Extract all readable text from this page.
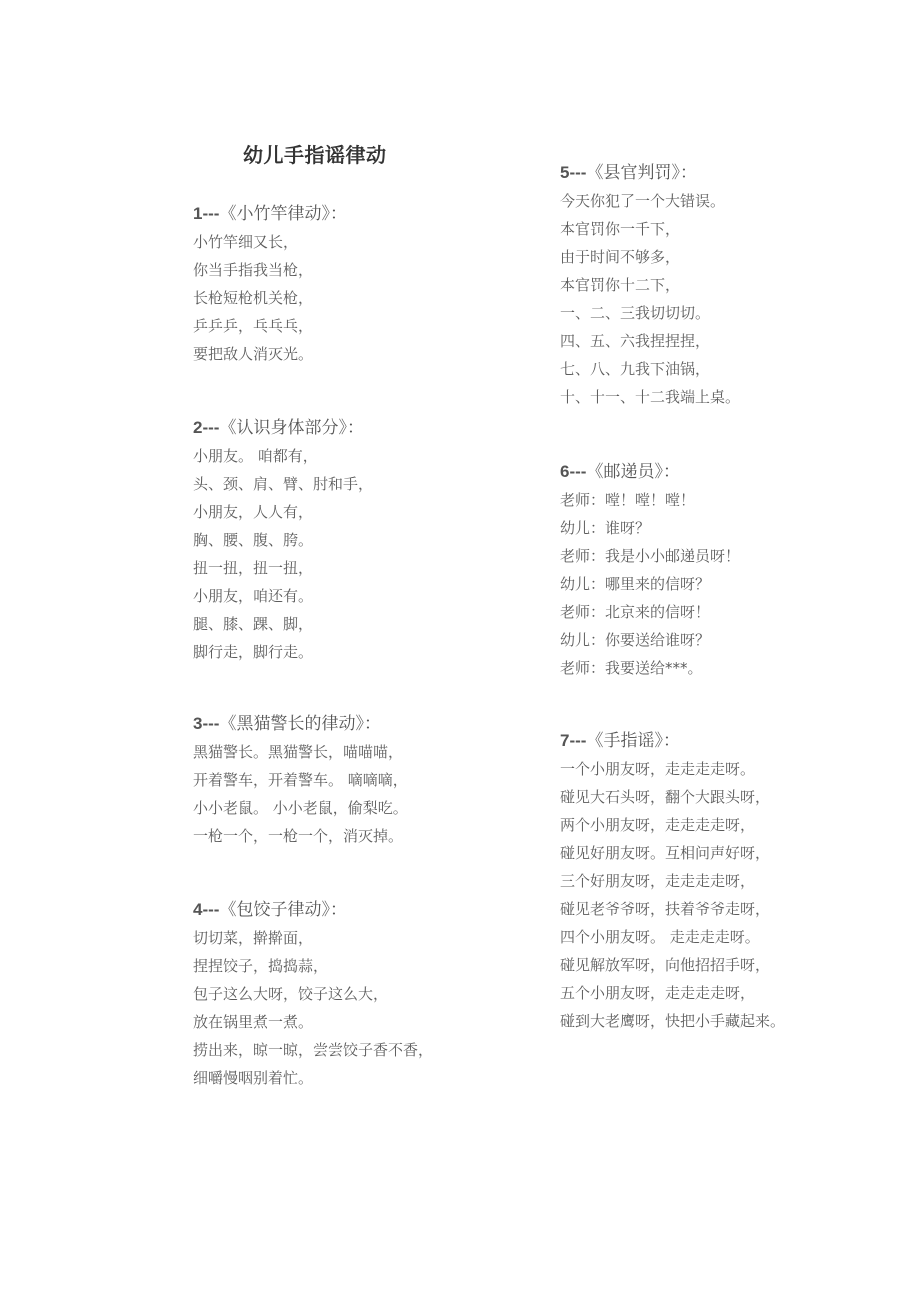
幼儿手指谣律动
1---《小竹竿律动》：
小竹竿细又长，
你当手指我当枪，
长枪短枪机关枪，
乒乒乒，乓乓乓，
要把敌人消灭光。
2---《认识身体部分》：
小朋友。 咱都有，
头、颈、肩、臂、肘和手，
小朋友，人人有，
胸、腰、腹、胯。
扭一扭，扭一扭，
小朋友，咱还有。
腿、膝、踝、脚，
脚行走，脚行走。
3---《黑猫警长的律动》：
黑猫警长。黑猫警长，喵喵喵，
开着警车，开着警车。 嘀嘀嘀，
小小老鼠。 小小老鼠，偷梨吃。
一枪一个，一枪一个，消灭掉。
4---《包饺子律动》：
切切菜，擀擀面，
捏捏饺子，捣捣蒜，
包子这么大呀，饺子这么大，
放在锅里煮一煮。
捞出来，晾一晾，尝尝饺子香不香，
细嚼慢咽别着忙。
5---《县官判罚》：
今天你犯了一个大错误。
本官罚你一千下，
由于时间不够多，
本官罚你十二下，
一、二、三我切切切。
四、五、六我捏捏捏，
七、八、九我下油锅，
十、十一、十二我端上桌。
6---《邮递员》：
老师：嘡！嘡！嘡！
幼儿：谁呀？
老师：我是小小邮递员呀！
幼儿：哪里来的信呀？
老师：北京来的信呀！
幼儿：你要送给谁呀？
老师：我要送给***。
7---《手指谣》：
一个小朋友呀，走走走走呀。
碰见大石头呀，翻个大跟头呀，
两个小朋友呀，走走走走呀，
碰见好朋友呀。互相问声好呀，
三个好朋友呀，走走走走呀，
碰见老爷爷呀，扶着爷爷走呀，
四个小朋友呀。 走走走走呀。
碰见解放军呀，向他招招手呀，
五个小朋友呀，走走走走呀，
碰到大老鹰呀，快把小手藏起来。
